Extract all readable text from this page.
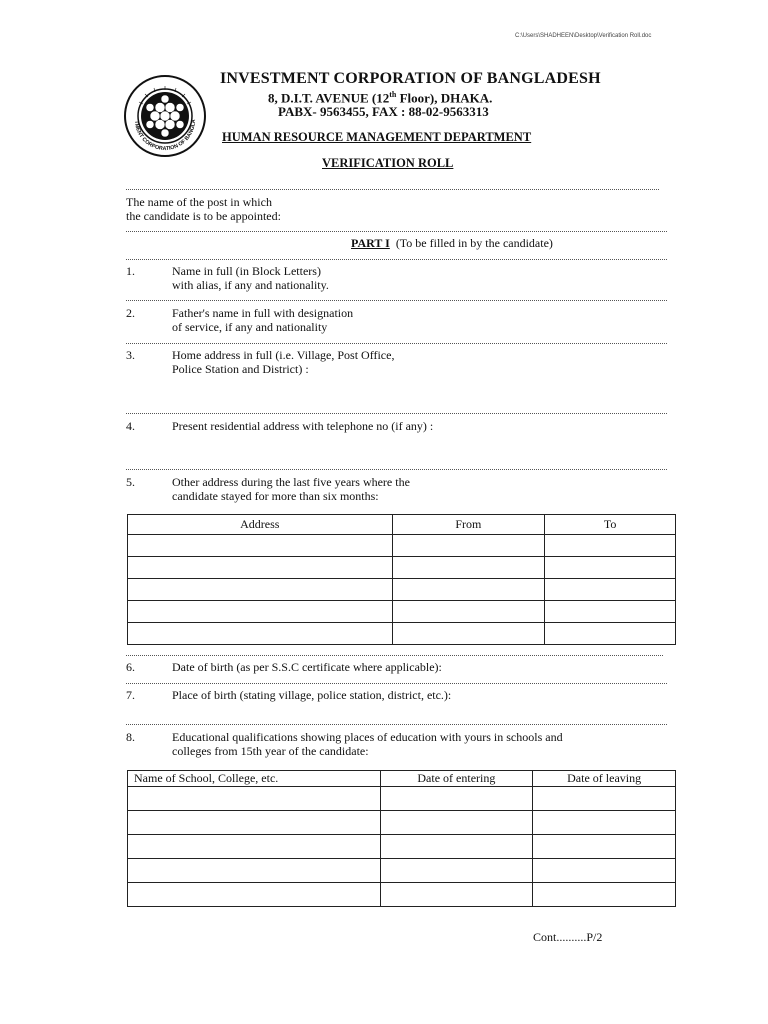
C:\Users\SHADHEEN\Desktop\Verification Roll.doc
TMENT CORPORATION OF BANGLA
INVESTMENT CORPORATION OF BANGLADESH
8, D.I.T. AVENUE (12th Floor), DHAKA.
PABX- 9563455, FAX : 88-02-9563313
HUMAN RESOURCE MANAGEMENT DEPARTMENT
VERIFICATION ROLL
The name of the post in which
the candidate is to be appointed:
PART I (To be filled in by the candidate)
1.	Name in full (in Block Letters)
with alias, if any and nationality.
2.	Father's name in full with designation
of service, if any and nationality
3.	Home address in full (i.e. Village, Post Office,
Police Station and District) :
4.	Present residential address with telephone no (if any) :
5.	Other address during the last five years where the
candidate stayed for more than six months:
Address	From	To

6.	Date of birth (as per S.S.C certificate where applicable):
7.	Place of birth (stating village, police station, district, etc.):
8.	Educational qualifications showing places of education with yours in schools and
colleges from 15th year of the candidate:
Name of School, College, etc.	Date of entering	Date of leaving

Cont..........P/2
